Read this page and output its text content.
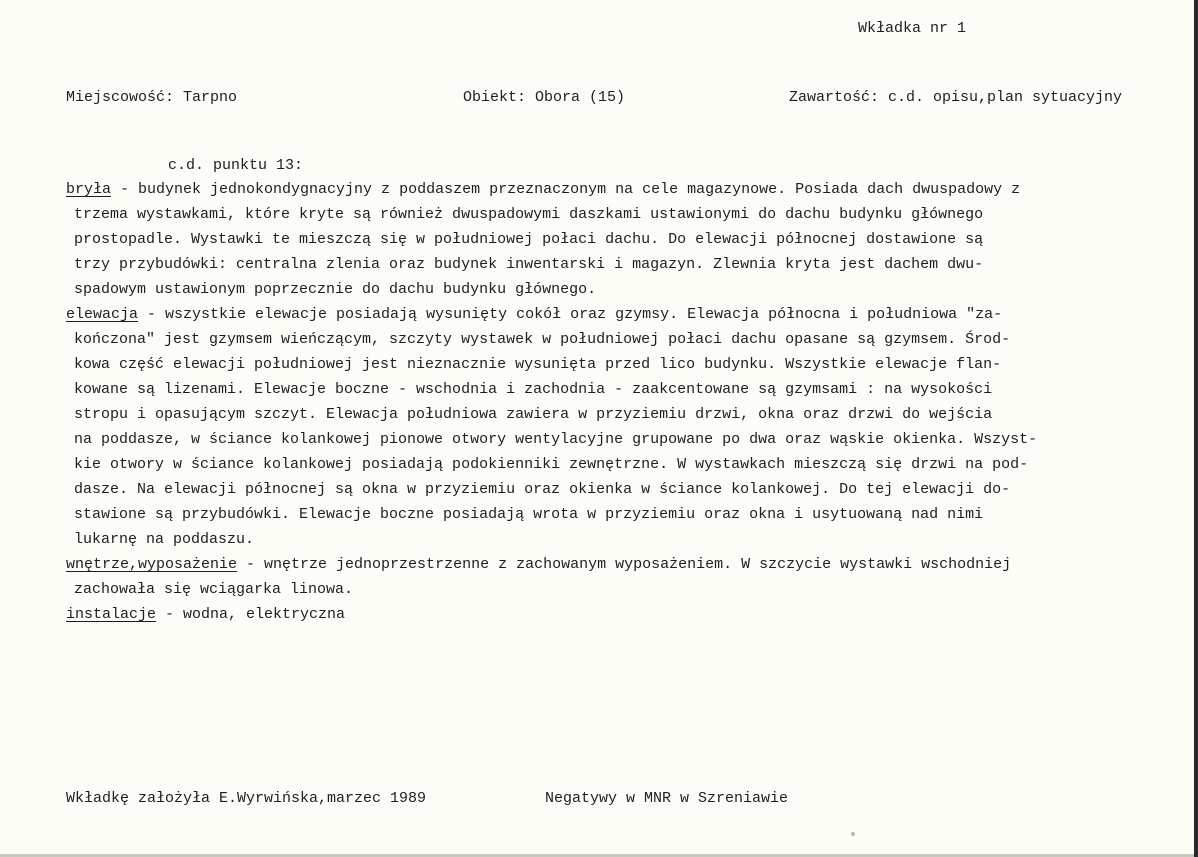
Wkładka nr 1
Miejscowość: Tarpno	Obiekt: Obora (15)	Zawartość: c.d. opisu,plan sytuacyjny
c.d. punktu 13:
bryła - budynek jednokondygnacyjny z poddaszem przeznaczonym na cele magazynowe. Posiada dach dwuspadowy z
trzema wystawkami, które kryte są również dwuspadowymi daszkami ustawionymi do dachu budynku głównego
prostopadle. Wystawki te mieszczą się w południowej połaci dachu. Do elewacji północnej dostawione są
trzy przybudówki: centralna zlenia oraz budynek inwentarski i magazyn. Zlewnia kryta jest dachem dwu-
spadowym ustawionym poprzecznie do dachu budynku głównego.
elewacja - wszystkie elewacje posiadają wysunięty cokół oraz gzymsy. Elewacja północna i południowa "za-
kończona" jest gzymsem wieńczącym, szczyty wystawek w południowej połaci dachu opasane są gzymsem. Środ-
kowa część elewacji południowej jest nieznacznie wysunięta przed lico budynku. Wszystkie elewacje flan-
kowane są lizenami. Elewacje boczne - wschodnia i zachodnia - zaakcentowane są gzymsami : na wysokości
stropu i opasującym szczyt. Elewacja południowa zawiera w przyziemiu drzwi, okna oraz drzwi do wejścia
na poddasze, w ściance kolankowej pionowe otwory wentylacyjne grupowane po dwa oraz wąskie okienka. Wszyst-
kie otwory w ściance kolankowej posiadają podokienniki zewnętrzne. W wystawkach mieszczą się drzwi na pod-
dasze. Na elewacji północnej są okna w przyziemiu oraz okienka w ściance kolankowej. Do tej elewacji do-
stawione są przybudówki. Elewacje boczne posiadają wrota w przyziemiu oraz okna i usytuowaną nad nimi
lukarnę na poddaszu.
wnętrze,wyposażenie - wnętrze jednoprzestrzenne z zachowanym wyposażeniem. W szczycie wystawki wschodniej
zachowała się wciągarka linowa.
instalacje - wodna, elektryczna
Wkładkę założyła E.Wyrwińska,marzec 1989	Negatywy w MNR w Szreniawie
